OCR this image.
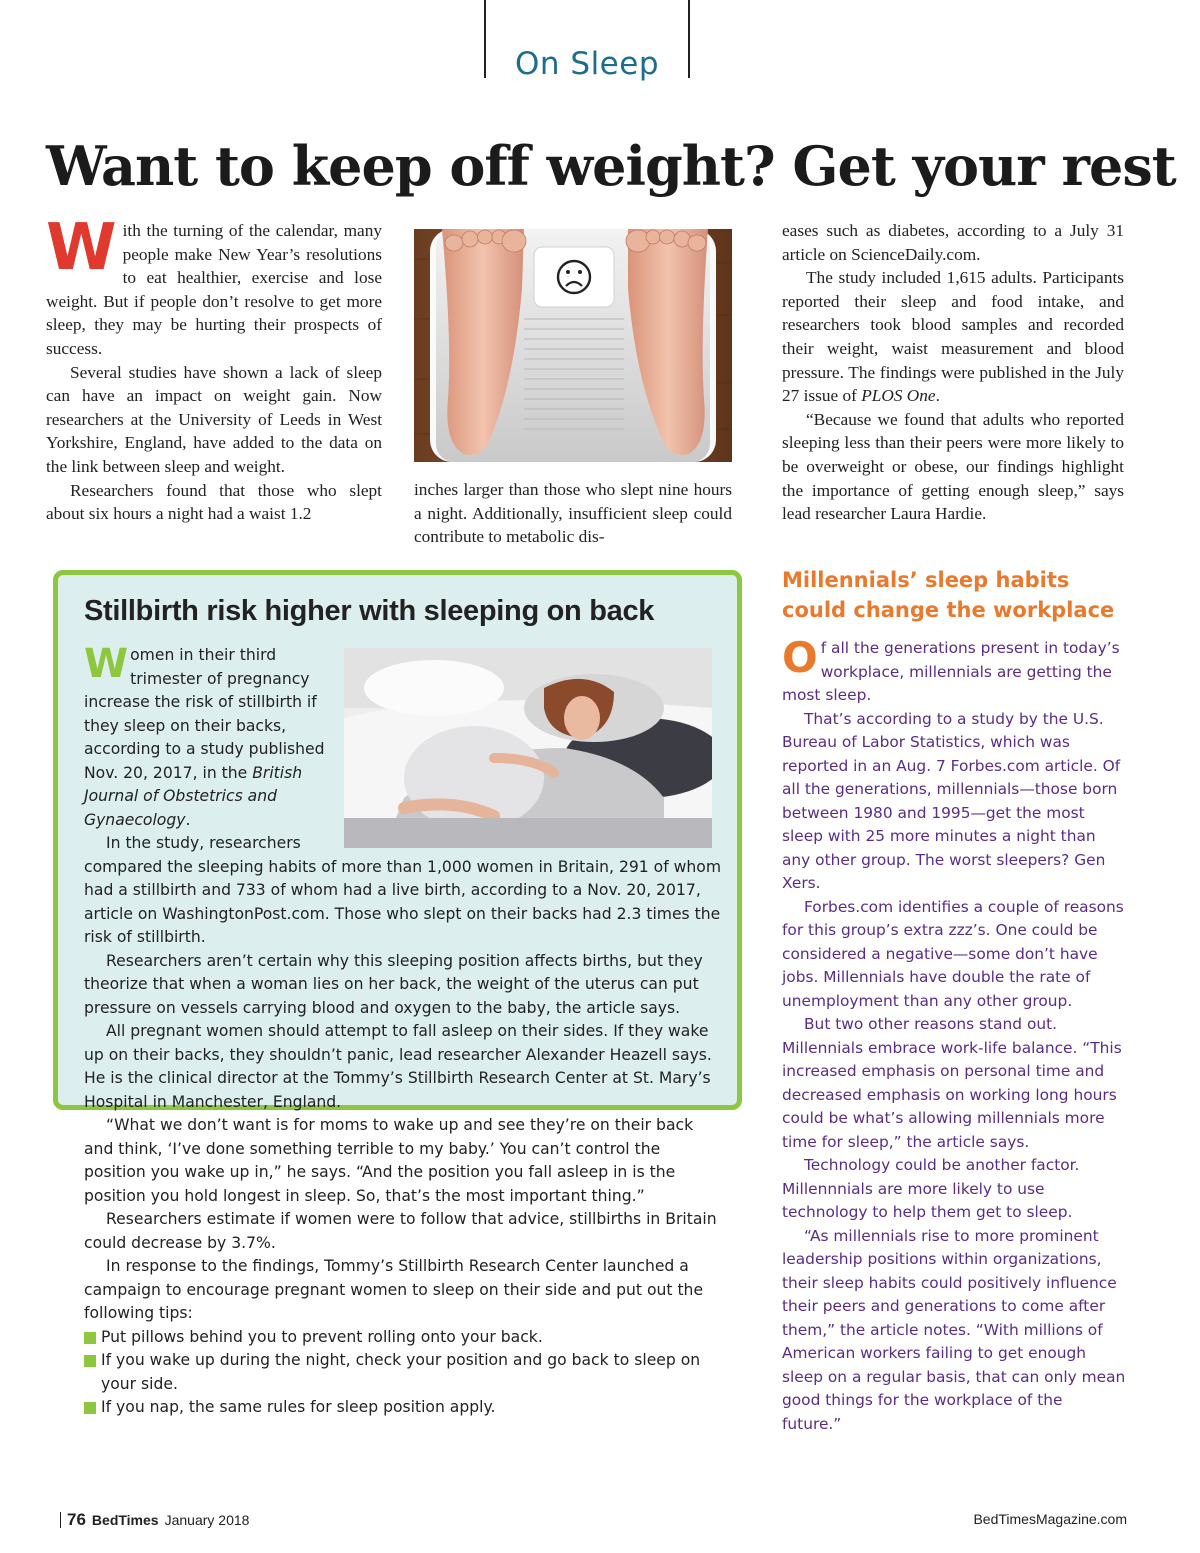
On Sleep
Want to keep off weight? Get your rest

With the turning of the calendar, many people make New Year’s resolutions to eat healthier, exercise and lose weight. But if people don’t resolve to get more sleep, they may be hurting their prospects of success.

Several studies have shown a lack of sleep can have an impact on weight gain. Now researchers at the University of Leeds in West Yorkshire, England, have added to the data on the link between sleep and weight.

Researchers found that those who slept about six hours a night had a waist 1.2

inches larger than those who slept nine hours a night. Additionally, insufficient sleep could contribute to metabolic dis-

eases such as diabetes, according to a July 31 article on ScienceDaily.com.

The study included 1,615 adults. Participants reported their sleep and food intake, and researchers took blood samples and recorded their weight, waist measurement and blood pressure. The findings were published in the July 27 issue of PLOS One.

“Because we found that adults who reported sleeping less than their peers were more likely to be overweight or obese, our findings highlight the importance of getting enough sleep,” says lead researcher Laura Hardie.

Stillbirth risk higher with sleeping on back

Women in their third trimester of pregnancy increase the risk of stillbirth if they sleep on their backs, according to a study published Nov. 20, 2017, in the British Journal of Obstetrics and Gynaecology.

In the study, researchers compared the sleeping habits of more than 1,000 women in Britain, 291 of whom had a stillbirth and 733 of whom had a live birth, according to a Nov. 20, 2017, article on WashingtonPost.com. Those who slept on their backs had 2.3 times the risk of stillbirth.

Researchers aren’t certain why this sleeping position affects births, but they theorize that when a woman lies on her back, the weight of the uterus can put pressure on vessels carrying blood and oxygen to the baby, the article says.

All pregnant women should attempt to fall asleep on their sides. If they wake up on their backs, they shouldn’t panic, lead researcher Alexander Heazell says. He is the clinical director at the Tommy’s Stillbirth Research Center at St. Mary’s Hospital in Manchester, England.

“What we don’t want is for moms to wake up and see they’re on their back and think, ‘I’ve done something terrible to my baby.’ You can’t control the position you wake up in,” he says. “And the position you fall asleep in is the position you hold longest in sleep. So, that’s the most important thing.”

Researchers estimate if women were to follow that advice, stillbirths in Britain could decrease by 3.7%.

In response to the findings, Tommy’s Stillbirth Research Center launched a campaign to encourage pregnant women to sleep on their side and put out the following tips:

Put pillows behind you to prevent rolling onto your back.
If you wake up during the night, check your position and go back to sleep on your side.
If you nap, the same rules for sleep position apply.
Millennials’ sleep habits could change the workplace

Of all the generations present in today’s workplace, millennials are getting the most sleep.

That’s according to a study by the U.S. Bureau of Labor Statistics, which was reported in an Aug. 7 Forbes.com article. Of all the generations, millennials—those born between 1980 and 1995—get the most sleep with 25 more minutes a night than any other group. The worst sleepers? Gen Xers.

Forbes.com identifies a couple of reasons for this group’s extra zzz’s. One could be considered a negative—some don’t have jobs. Millennials have double the rate of unemployment than any other group.

But two other reasons stand out. Millennials embrace work-life balance. “This increased emphasis on personal time and decreased emphasis on working long hours could be what’s allowing millennials more time for sleep,” the article says.

Technology could be another factor. Millennnials are more likely to use technology to help them get to sleep.

“As millennials rise to more prominent leadership positions within organizations, their sleep habits could positively influence their peers and generations to come after them,” the article notes. “With millions of American workers failing to get enough sleep on a regular basis, that can only mean good things for the workplace of the future.”

76 BedTimes January 2018	BedTimesMagazine.com
